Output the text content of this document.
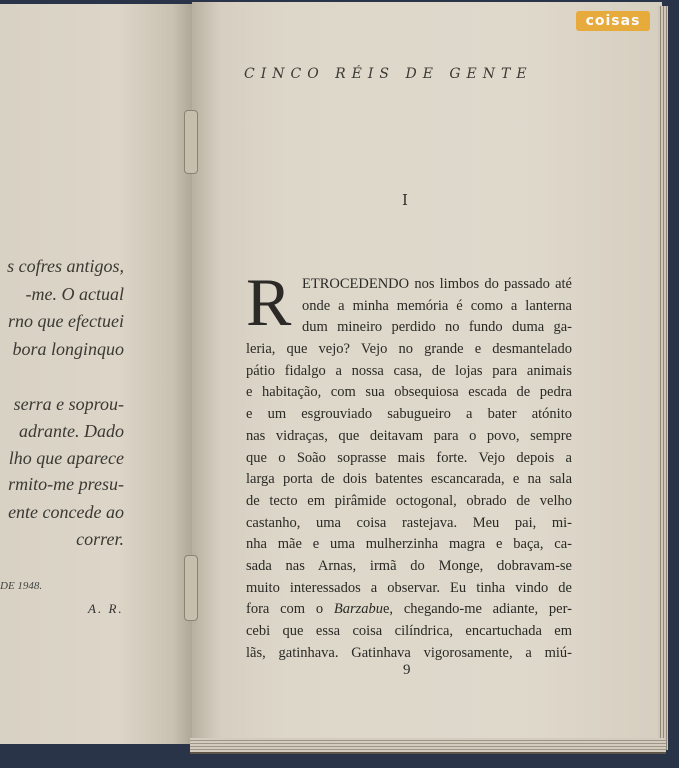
s cofres antigos,
-me. O actual
rno que efectuei
bora longinquo
serra e soprou-
adrante. Dado
lho que aparece
rmito-me presu-
ente concede ao
correr.
DE 1948.
A. R.
CINCO RÉIS DE GENTE
I
R ETROCEDENDO nos limbos do passado até
onde a minha memória é como a lanterna
dum mineiro perdido no fundo duma ga-
leria, que vejo? Vejo no grande e desmantelado
pátio fidalgo a nossa casa, de lojas para animais
e habitação, com sua obsequiosa escada de pedra
e um esgrouviado sabugueiro a bater atónito
nas vidraças, que deitavam para o povo, sempre
que o Soão soprasse mais forte. Vejo depois a
larga porta de dois batentes escancarada, e na sala
de tecto em pirâmide octogonal, obrado de velho
castanho, uma coisa rastejava. Meu pai, mi-
nha mãe e uma mulherzinha magra e baça, ca-
sada nas Arnas, irmã do Monge, dobravam-se
muito interessados a observar. Eu tinha vindo de
fora com o Barzabue, chegando-me adiante, per-
cebi que essa coisa cilíndrica, encartuchada em
lãs, gatinhava. Gatinhava vigorosamente, a miú-
9
coisas
